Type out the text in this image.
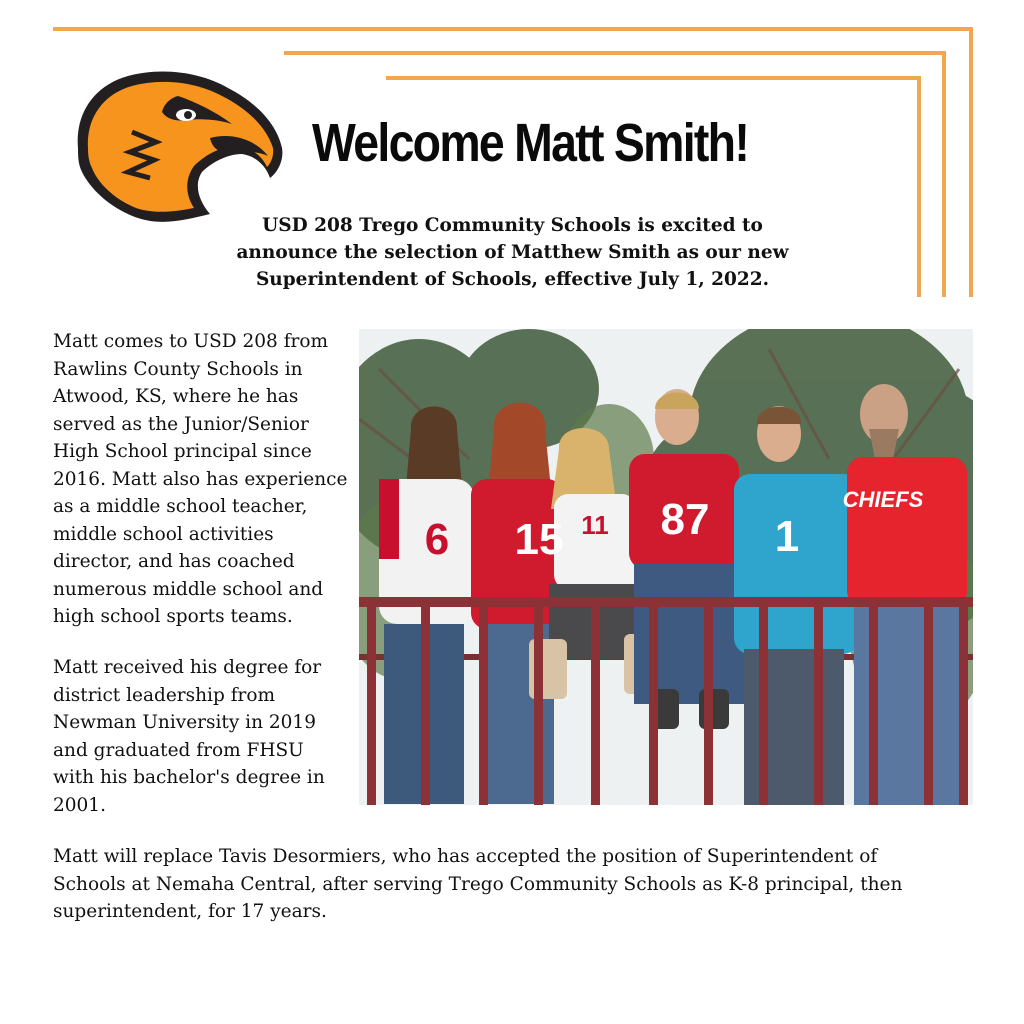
Welcome Matt Smith!
USD 208 Trego Community Schools is excited to
announce the selection of Matthew Smith as our new
Superintendent of Schools, effective July 1, 2022.
Matt comes to USD 208 from
Rawlins County Schools in
Atwood, KS, where he has
served as the Junior/Senior
High School principal since
2016. Matt also has experience
as a middle school teacher,
middle school activities
director, and has coached
numerous middle school and
high school sports teams.
Matt received his degree for
district leadership from
Newman University in 2019
and graduated from FHSU
with his bachelor's degree in
2001.
6 15 11 87 1
CHIEFS
Matt will replace Tavis Desormiers, who has accepted the position of Superintendent of
Schools at Nemaha Central, after serving Trego Community Schools as K-8 principal, then
superintendent, for 17 years.
